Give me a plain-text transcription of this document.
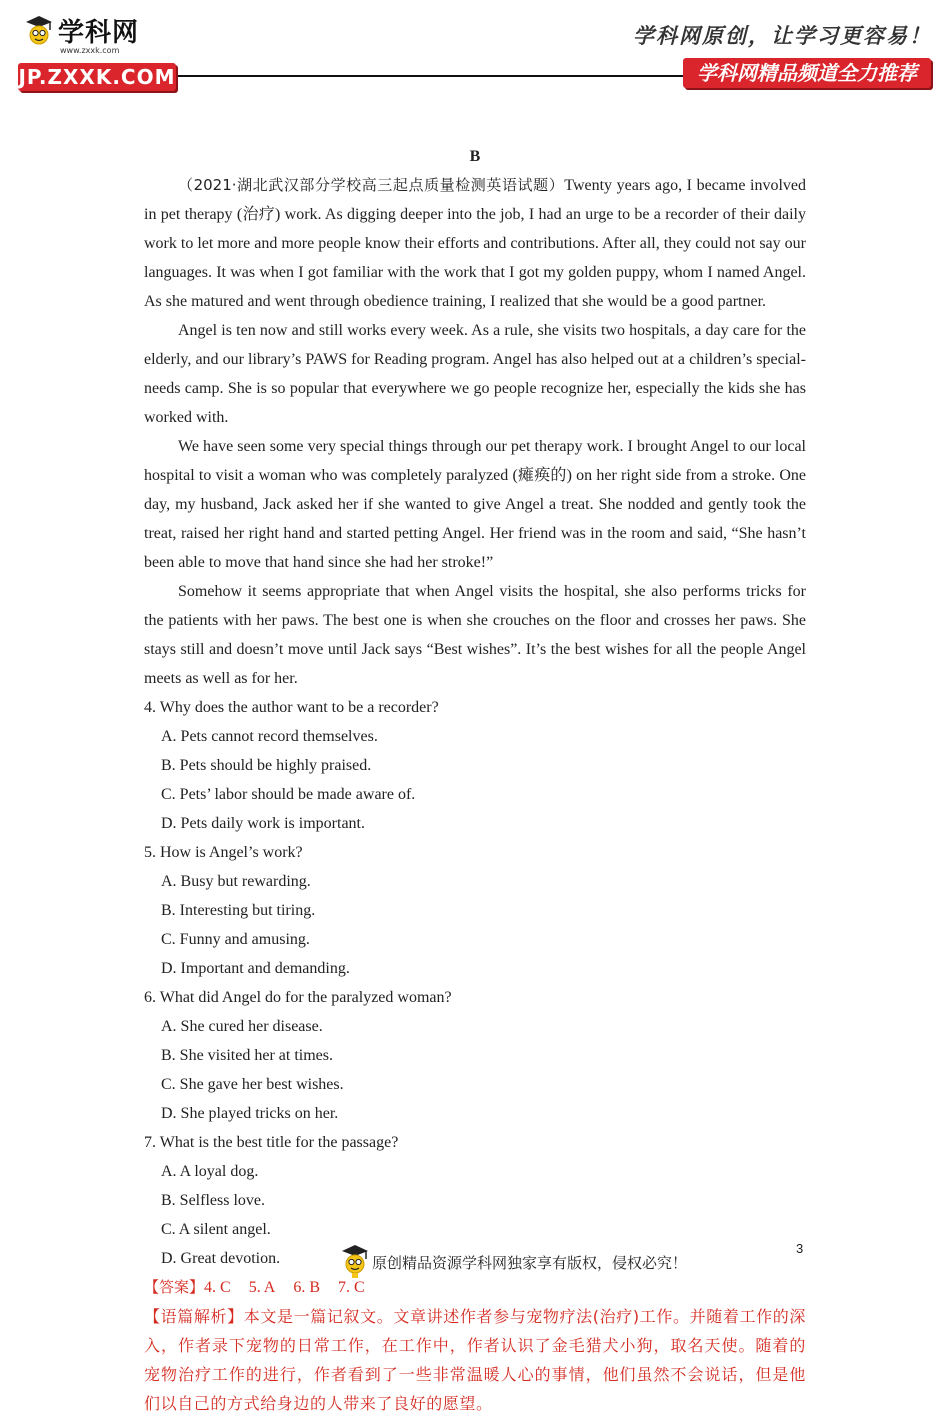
学科网
www.zxxk.com
JP.ZXXK.COM
学科网原创，让学习更容易！
学科网精品频道全力推荐
B

（2021·湖北武汉部分学校高三起点质量检测英语试题）Twenty years ago, I became involved in pet therapy (治疗) work. As digging deeper into the job, I had an urge to be a recorder of their daily work to let more and more people know their efforts and contributions. After all, they could not say our languages. It was when I got familiar with the work that I got my golden puppy, whom I named Angel. As she matured and went through obedience training, I realized that she would be a good partner.

Angel is ten now and still works every week. As a rule, she visits two hospitals, a day care for the elderly, and our library’s PAWS for Reading program. Angel has also helped out at a children’s special-needs camp. She is so popular that everywhere we go people recognize her, especially the kids she has worked with.

We have seen some very special things through our pet therapy work. I brought Angel to our local hospital to visit a woman who was completely paralyzed (瘫痪的) on her right side from a stroke. One day, my husband, Jack asked her if she wanted to give Angel a treat. She nodded and gently took the treat, raised her right hand and started petting Angel. Her friend was in the room and said, “She hasn’t been able to move that hand since she had her stroke!”

Somehow it seems appropriate that when Angel visits the hospital, she also performs tricks for the patients with her paws. The best one is when she crouches on the floor and crosses her paws. She stays still and doesn’t move until Jack says “Best wishes”. It’s the best wishes for all the people Angel meets as well as for her.

4. Why does the author want to be a recorder?

A. Pets cannot record themselves.
B. Pets should be highly praised.
C. Pets’ labor should be made aware of.
D. Pets daily work is important.

5. How is Angel’s work?

A. Busy but rewarding.
B. Interesting but tiring.
C. Funny and amusing.
D. Important and demanding.

6. What did Angel do for the paralyzed woman?

A. She cured her disease.
B. She visited her at times.
C. She gave her best wishes.
D. She played tricks on her.

7. What is the best title for the passage?

A. A loyal dog.
B. Selfless love.
C. A silent angel.
D. Great devotion.

【答案】4. C 5. A 6. B 7. C

【语篇解析】本文是一篇记叙文。文章讲述作者参与宠物疗法(治疗)工作。并随着工作的深入，作者录下宠物的日常工作，在工作中，作者认识了金毛猎犬小狗，取名天使。随着的宠物治疗工作的进行，作者看到了一些非常温暖人心的事情，他们虽然不会说话，但是他们以自己的方式给身边的人带来了良好的愿望。

3
原创精品资源学科网独家享有版权，侵权必究！
